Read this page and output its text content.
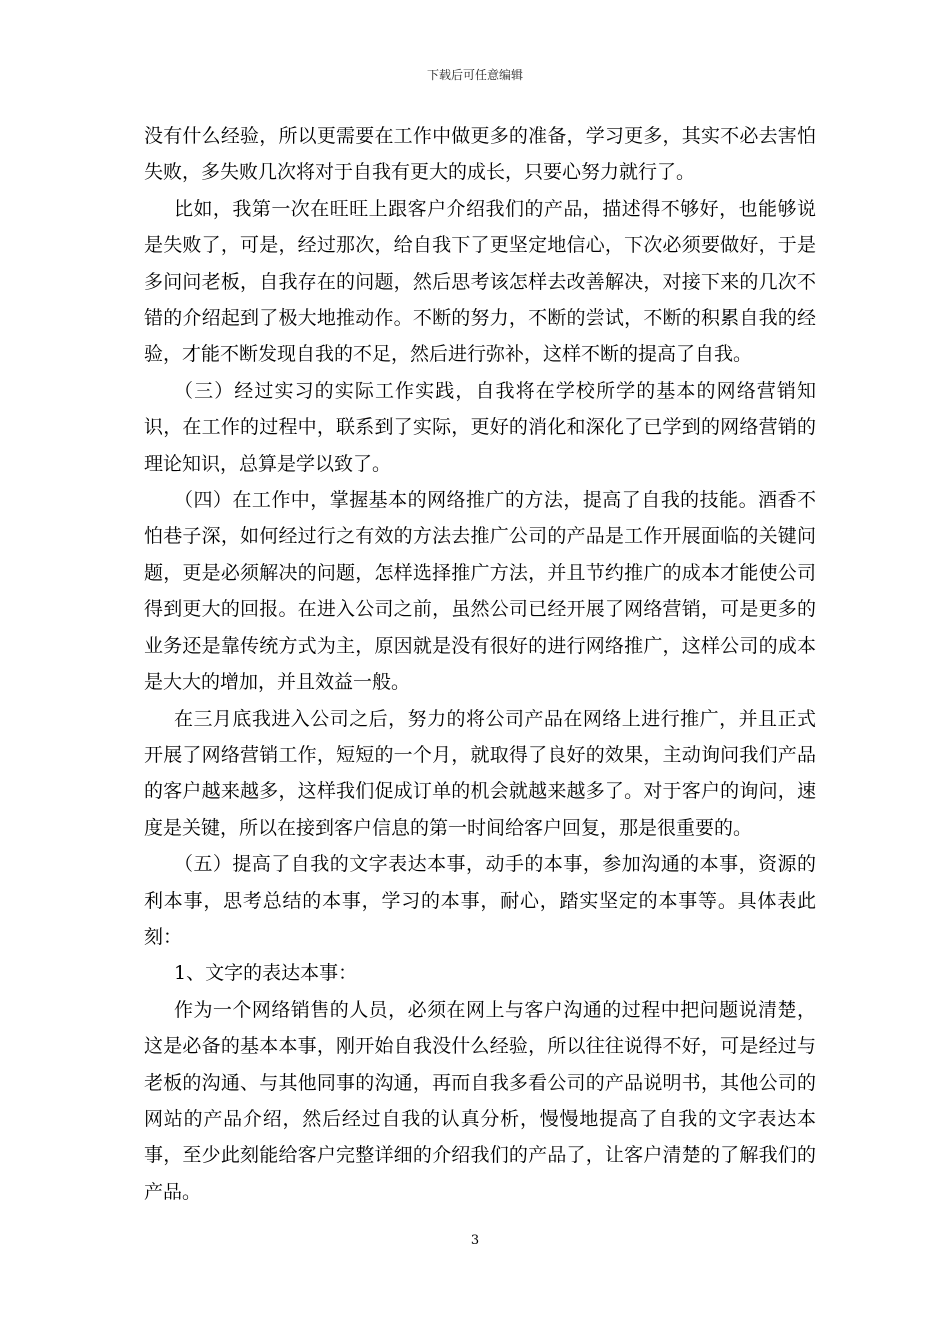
下载后可任意编辑

没有什么经验，所以更需要在工作中做更多的准备，学习更多，其实不必去害怕失败，多失败几次将对于自我有更大的成长，只要心努力就行了。

比如，我第一次在旺旺上跟客户介绍我们的产品，描述得不够好，也能够说是失败了，可是，经过那次，给自我下了更坚定地信心，下次必须要做好，于是多问问老板，自我存在的问题，然后思考该怎样去改善解决，对接下来的几次不错的介绍起到了极大地推动作。不断的努力，不断的尝试，不断的积累自我的经验，才能不断发现自我的不足，然后进行弥补，这样不断的提高了自我。

（三）经过实习的实际工作实践，自我将在学校所学的基本的网络营销知识，在工作的过程中，联系到了实际，更好的消化和深化了已学到的网络营销的理论知识，总算是学以致了。

（四）在工作中，掌握基本的网络推广的方法，提高了自我的技能。酒香不怕巷子深，如何经过行之有效的方法去推广公司的产品是工作开展面临的关键问题，更是必须解决的问题，怎样选择推广方法，并且节约推广的成本才能使公司得到更大的回报。在进入公司之前，虽然公司已经开展了网络营销，可是更多的业务还是靠传统方式为主，原因就是没有很好的进行网络推广，这样公司的成本是大大的增加，并且效益一般。

在三月底我进入公司之后，努力的将公司产品在网络上进行推广，并且正式开展了网络营销工作，短短的一个月，就取得了良好的效果，主动询问我们产品的客户越来越多，这样我们促成订单的机会就越来越多了。对于客户的询问，速度是关键，所以在接到客户信息的第一时间给客户回复，那是很重要的。

（五）提高了自我的文字表达本事，动手的本事，参加沟通的本事，资源的利本事，思考总结的本事，学习的本事，耐心，踏实坚定的本事等。具体表此刻：

1、文字的表达本事：

作为一个网络销售的人员，必须在网上与客户沟通的过程中把问题说清楚，这是必备的基本本事，刚开始自我没什么经验，所以往往说得不好，可是经过与老板的沟通、与其他同事的沟通，再而自我多看公司的产品说明书，其他公司的网站的产品介绍，然后经过自我的认真分析，慢慢地提高了自我的文字表达本事，至少此刻能给客户完整详细的介绍我们的产品了，让客户清楚的了解我们的产品。

3
